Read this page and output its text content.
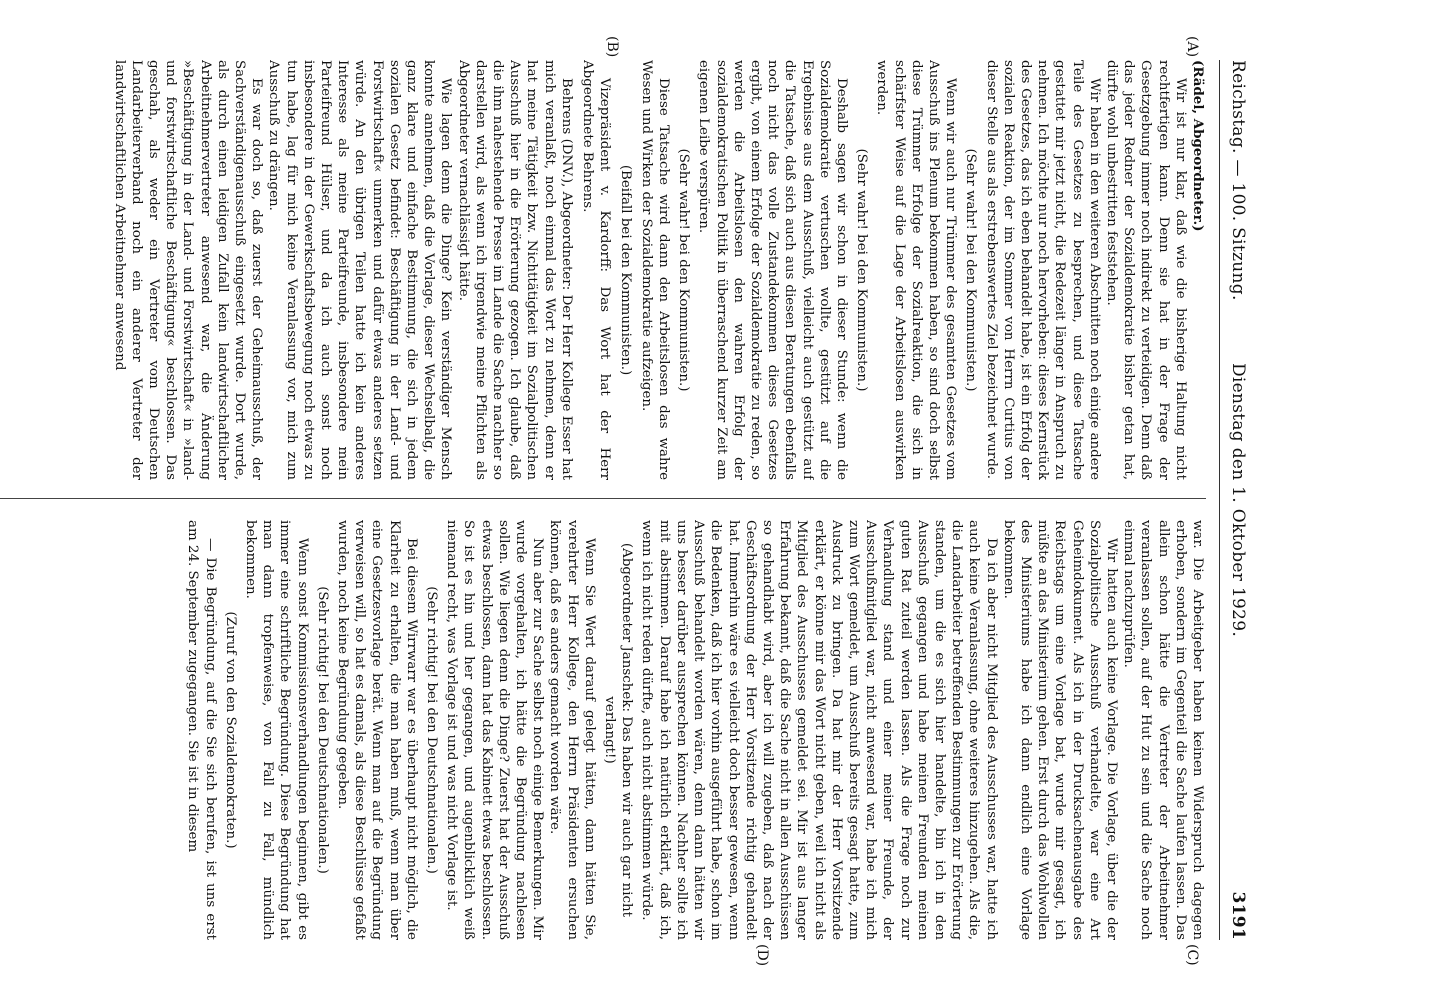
Reichstag. — 100. Sitzung.
Dienstag den 1. Oktober 1929.
3191
(A)
(B)
(C)
(D)

(Rädel, Abgeordneter.)

Wir ist nur klar, daß wie die bisherige Haltung nicht rechtfertigen kann. Denn sie hat in der Frage der Gesetzgebung immer noch indirekt zu verteidigen. Denn daß das jeder Redner der Sozialdemokratie bisher getan hat, dürfte wohl unbestritten feststehen.

Wir haben in den weiteren Abschnitten noch einige andere Teile des Gesetzes zu besprechen, und diese Tatsache gestattet mir jetzt nicht, die Redezeit länger in Anspruch zu nehmen. Ich möchte nur noch hervorheben: dieses Kernstück des Gesetzes, das ich eben behandelt habe, ist ein Erfolg der sozialen Reaktion, der im Sommer von Herrn Curtius von dieser Stelle aus als erstrebenswertes Ziel bezeichnet wurde.

(Sehr wahr! bei den Kommunisten.)

Wenn wir auch nur Trümmer des gesamten Gesetzes vom Ausschuß ins Plenum bekommen haben, so sind doch selbst diese Trümmer Erfolge der Sozialreaktion, die sich in schärfster Weise auf die Lage der Arbeitslosen auswirken werden.

(Sehr wahr! bei den Kommunisten.)

Deshalb sagen wir schon in dieser Stunde: wenn die Sozialdemokratie vertuschen wollte, gestützt auf die Ergebnisse aus dem Ausschuß, vielleicht auch gestützt auf die Tatsache, daß sich auch aus diesen Beratungen ebenfalls noch nicht das volle Zustandekommen dieses Gesetzes ergibt, von einem Erfolge der Sozialdemokratie zu reden, so werden die Arbeitslosen den wahren Erfolg der sozialdemokratischen Politik in überraschend kurzer Zeit am eigenen Leibe verspüren.

(Sehr wahr! bei den Kommunisten.)

Diese Tatsache wird dann den Arbeitslosen das wahre Wesen und Wirken der Sozialdemokratie aufzeigen.

(Beifall bei den Kommunisten.)

Vizepräsident v. Kardorff: Das Wort hat der Herr Abgeordnete Behrens.

Behrens (DNV.), Abgeordneter: Der Herr Kollege Esser hat mich veranlaßt, noch einmal das Wort zu nehmen, denn er hat meine Tätigkeit bzw. Nichttätigkeit im Sozialpolitischen Ausschuß hier in die Erörterung gezogen. Ich glaube, daß die ihm nahestehende Presse im Lande die Sache nachher so darstellen wird, als wenn ich irgendwie meine Pflichten als Abgeordneter vernachlässigt hätte.

Wie lagen denn die Dinge? Kein verständiger Mensch konnte annehmen, daß die Vorlage, dieser Wechselbalg, die ganz klare und einfache Bestimmung, die sich in jedem sozialen Gesetz befindet: Beschäftigung in der Land- und Forstwirtschaft« unmerken und dafür etwas anderes setzen würde. An den übrigen Teilen hatte ich kein anderes Interesse als meine Parteifreunde, insbesondere mein Parteifreund Hülser, und da ich auch sonst noch insbesondere in der Gewerkschaftsbewegung noch etwas zu tun habe, lag für mich keine Veranlassung vor, mich zum Ausschuß zu drängen.

Es war doch so, daß zuerst der Geheimausschuß, der Sachverständigenausschuß eingesetzt wurde. Dort wurde, als durch einen leidigen Zufall kein landwirtschaftlicher Arbeitnehmervertreter anwesend war, die Änderung »Beschäftigung in der Land- und Forstwirtschaft« in »land- und forstwirtschaftliche Beschäftigung« beschlossen. Das geschah, als weder ein Vertreter vom Deutschen Landarbeiterverband noch ein anderer Vertreter der landwirtschaftlichen Arbeitnehmer anwesend

war. Die Arbeitgeber haben keinen Widerspruch dagegen erhoben, sondern im Gegenteil die Sache laufen lassen. Das allein schon hätte die Vertreter der Arbeitnehmer veranlassen sollen, auf der Hut zu sein und die Sache noch einmal nachzuprüfen.

Wir hatten auch keine Vorlage. Die Vorlage, über die der Sozialpolitische Ausschuß verhandelte, war eine Art Geheimdokument. Als ich in der Drucksachenausgabe des Reichstags um eine Vorlage bat, wurde mir gesagt, ich müßte an das Ministerium gehen. Erst durch das Wohlwollen des Ministeriums habe ich dann endlich eine Vorlage bekommen.

Da ich aber nicht Mitglied des Ausschusses war, hatte ich auch keine Veranlassung, ohne weiteres hinzugehen. Als die, die Landarbeiter betreffenden Bestimmungen zur Erörterung standen, um die es sich hier handelte, bin ich in den Ausschuß gegangen und habe meinen Freunden meinen guten Rat zuteil werden lassen. Als die Frage noch zur Verhandlung stand und einer meiner Freunde, der Ausschußmitglied war, nicht anwesend war, habe ich mich zum Wort gemeldet, um Ausschuß bereits gesagt hatte, zum Ausdruck zu bringen. Da hat mir der Herr Vorsitzende erklärt, er könne mir das Wort nicht geben, weil ich nicht als Mitglied des Ausschusses gemeldet sei. Mir ist aus langer Erfahrung bekannt, daß die Sache nicht in allen Ausschüssen so gehandhabt wird, aber ich will zugeben, daß nach der Geschäftsordnung der Herr Vorsitzende richtig gehandelt hat. Immerhin wäre es vielleicht doch besser gewesen, wenn die Bedenken, daß ich hier vorhin ausgeführt habe, schon im Ausschuß behandelt worden wären, denn dann hätten wir uns besser darüber aussprechen können. Nachher sollte ich mit abstimmen. Darauf habe ich natürlich erklärt, daß ich, wenn ich nicht reden dürfte, auch nicht abstimmen würde.

(Abgeordneter Janschek: Das haben wir auch gar nicht verlangt!)

Wenn Sie Wert darauf gelegt hätten, dann hätten Sie, verehrter Herr Kollege, den Herrn Präsidenten ersuchen können, daß es anders gemacht worden wäre.

Nun aber zur Sache selbst noch einige Bemerkungen. Mir wurde vorgehalten, ich hätte die Begründung nachlesen sollen. Wie liegen denn die Dinge? Zuerst hat der Ausschuß etwas beschlossen, dann hat das Kabinett etwas beschlossen. So ist es hin und her gegangen, und augenblicklich weiß niemand recht, was Vorlage ist und was nicht Vorlage ist.

(Sehr richtig! bei den Deutschnationalen.)

Bei diesem Wirrwarr war es überhaupt nicht möglich, die Klarheit zu erhalten, die man haben muß, wenn man über eine Gesetzesvorlage berät. Wenn man auf die Begründung verweisen will, so hat es damals, als diese Beschlüsse gefaßt wurden, noch keine Begründung gegeben.

(Sehr richtig! bei den Deutschnationalen.)

Wenn sonst Kommissionsverhandlungen beginnen, gibt es immer eine schriftliche Begründung. Diese Begründung hat man dann tropfenweise, von Fall zu Fall, mündlich bekommen.

(Zuruf von den Sozialdemokraten.)

— Die Begründung, auf die Sie sich berufen, ist uns erst am 24. September zugegangen. Sie ist in diesem
